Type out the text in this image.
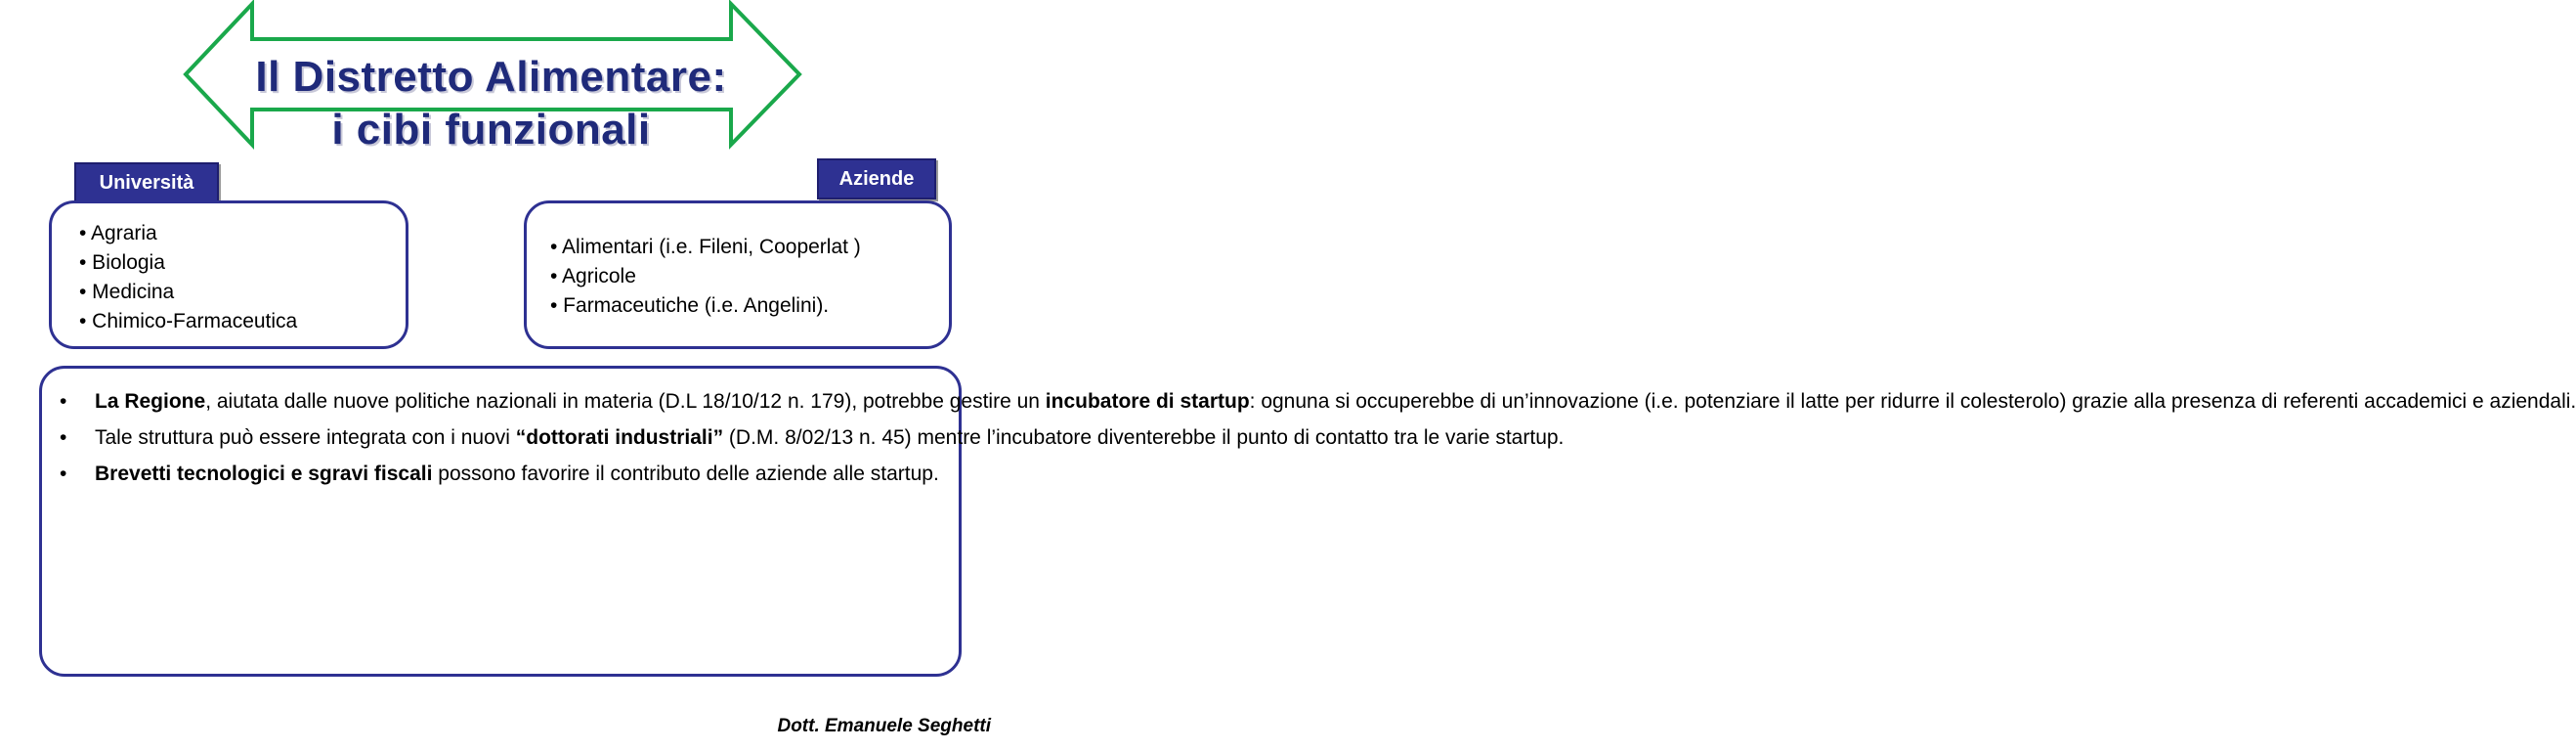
Il Distretto Alimentare:
i cibi funzionali
Università	Aziende
• Agraria
• Biologia
• Medicina
• Chimico-Farmaceutica
• Alimentari (i.e. Fileni, Cooperlat )
• Agricole
• Farmaceutiche (i.e. Angelini).
• La Regione, aiutata dalle nuove politiche nazionali in materia (D.L 18/10/12 n. 179), potrebbe gestire un incubatore di startup: ognuna si occuperebbe di un’innovazione (i.e. potenziare il latte per ridurre il colesterolo) grazie alla presenza di referenti accademici e aziendali.
• Tale struttura può essere integrata con i nuovi “dottorati industriali” (D.M. 8/02/13 n. 45) mentre l’incubatore diventerebbe il punto di contatto tra le varie startup.
• Brevetti tecnologici e sgravi fiscali possono favorire il contributo delle aziende alle startup.
Dott. Emanuele Seghetti
